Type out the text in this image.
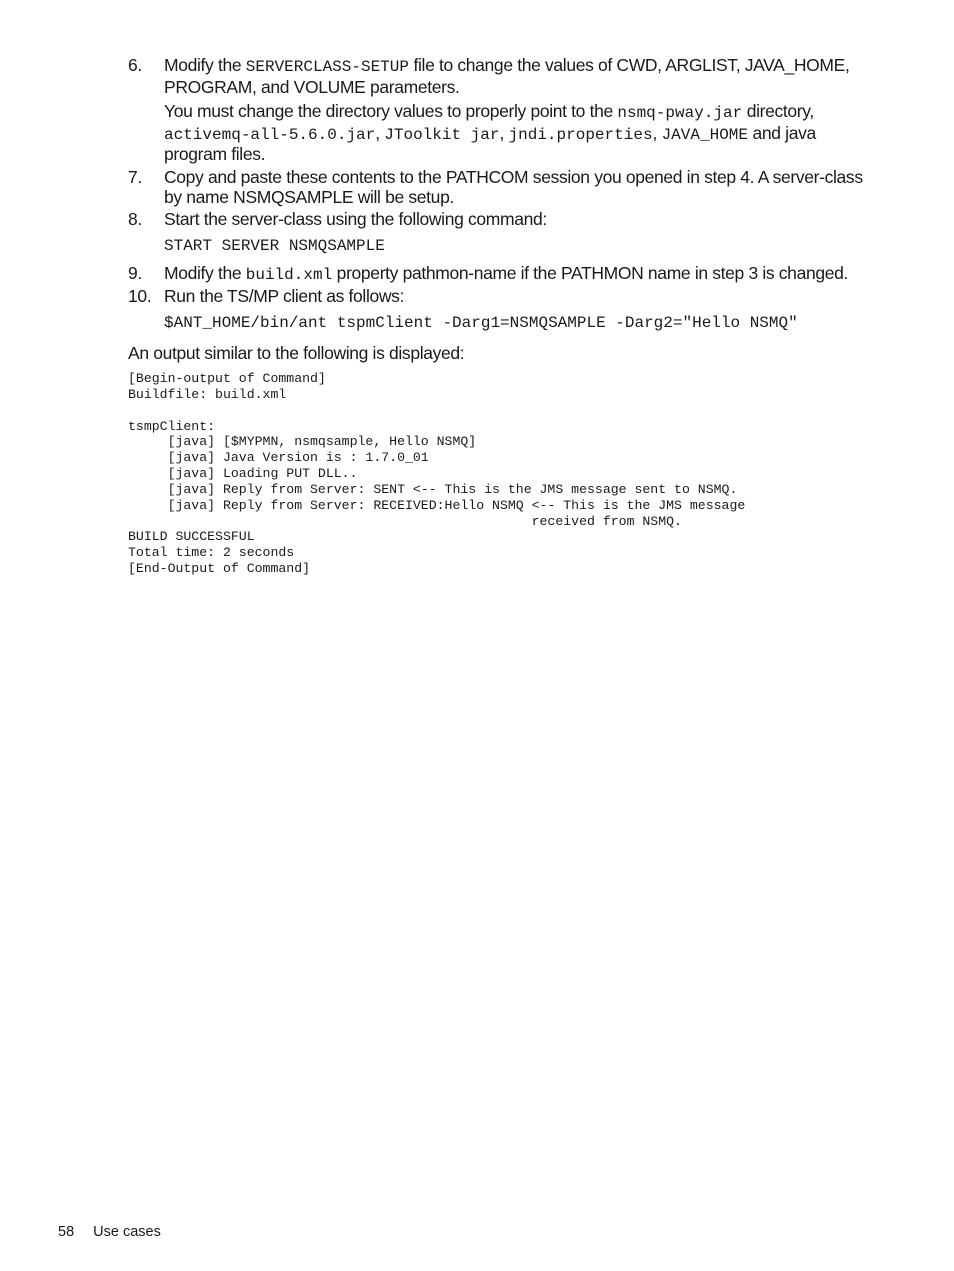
6. Modify the SERVERCLASS-SETUP file to change the values of CWD, ARGLIST, JAVA_HOME, PROGRAM, and VOLUME parameters.
You must change the directory values to properly point to the nsmq-pway.jar directory, activemq-all-5.6.0.jar, JToolkit jar, jndi.properties, JAVA_HOME and java program files.
7. Copy and paste these contents to the PATHCOM session you opened in step 4. A server-class by name NSMQSAMPLE will be setup.
8. Start the server-class using the following command:
START SERVER NSMQSAMPLE
9. Modify the build.xml property pathmon-name if the PATHMON name in step 3 is changed.
10. Run the TS/MP client as follows:
$ANT_HOME/bin/ant tspmClient -Darg1=NSMQSAMPLE -Darg2="Hello NSMQ"
An output similar to the following is displayed:
[Begin-output of Command]
Buildfile: build.xml

tsmpClient:
[java] [$MYPMN, nsmqsample, Hello NSMQ]
[java] Java Version is : 1.7.0_01
[java] Loading PUT DLL..
[java] Reply from Server: SENT <-- This is the JMS message sent to NSMQ.
[java] Reply from Server: RECEIVED:Hello NSMQ <-- This is the JMS message
received from NSMQ.
BUILD SUCCESSFUL
Total time: 2 seconds
[End-Output of Command]
58 Use cases
